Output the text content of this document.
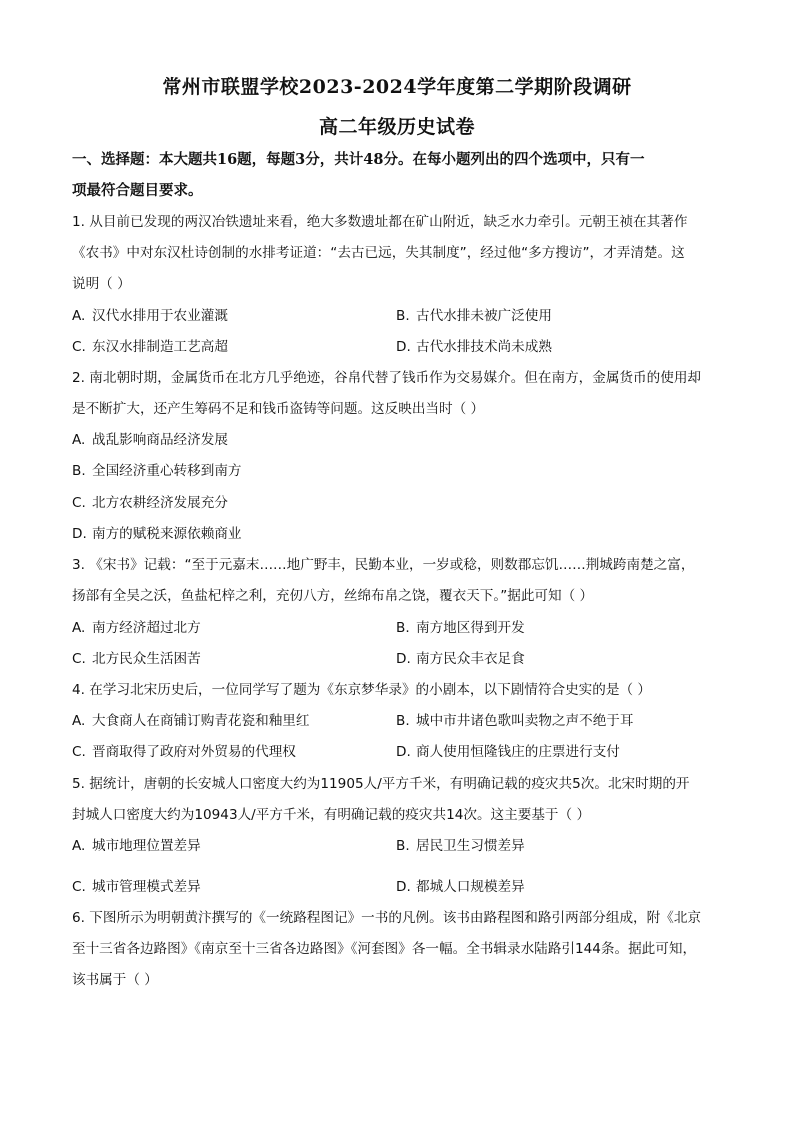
常州市联盟学校2023-2024学年度第二学期阶段调研
高二年级历史试卷
一、选择题：本大题共16题，每题3分，共计48分。在每小题列出的四个选项中，只有一
项最符合题目要求。
1. 从目前已发现的两汉冶铁遗址来看，绝大多数遗址都在矿山附近，缺乏水力牵引。元朝王祯在其著作
《农书》中对东汉杜诗创制的水排考证道：“去古已远，失其制度”，经过他“多方搜访”，才弄清楚。这
说明（ ）
A. 汉代水排用于农业灌溉	B. 古代水排未被广泛使用
C. 东汉水排制造工艺高超	D. 古代水排技术尚未成熟
2. 南北朝时期，金属货币在北方几乎绝迹，谷帛代替了钱币作为交易媒介。但在南方，金属货币的使用却
是不断扩大，还产生筹码不足和钱币盗铸等问题。这反映出当时（ ）
A. 战乱影响商品经济发展
B. 全国经济重心转移到南方
C. 北方农耕经济发展充分
D. 南方的赋税来源依赖商业
3. 《宋书》记载：“至于元嘉末……地广野丰，民勤本业，一岁或稔，则数郡忘饥……荆城跨南楚之富，
扬部有全吴之沃，鱼盐杞梓之利，充仞八方，丝绵布帛之饶，覆衣天下。”据此可知（ ）
A. 南方经济超过北方	B. 南方地区得到开发
C. 北方民众生活困苦	D. 南方民众丰衣足食
4. 在学习北宋历史后，一位同学写了题为《东京梦华录》的小剧本，以下剧情符合史实的是（ ）
A. 大食商人在商铺订购青花瓷和釉里红	B. 城中市井诸色歌叫卖物之声不绝于耳
C. 晋商取得了政府对外贸易的代理权	D. 商人使用恒隆钱庄的庄票进行支付
5. 据统计，唐朝的长安城人口密度大约为11905人/平方千米，有明确记载的疫灾共5次。北宋时期的开
封城人口密度大约为10943人/平方千米，有明确记载的疫灾共14次。这主要基于（ ）
A. 城市地理位置差异	B. 居民卫生习惯差异
C. 城市管理模式差异	D. 都城人口规模差异
6. 下图所示为明朝黄汴撰写的《一统路程图记》一书的凡例。该书由路程图和路引两部分组成，附《北京
至十三省各边路图》《南京至十三省各边路图》《河套图》各一幅。全书辑录水陆路引144条。据此可知，
该书属于（ ）
